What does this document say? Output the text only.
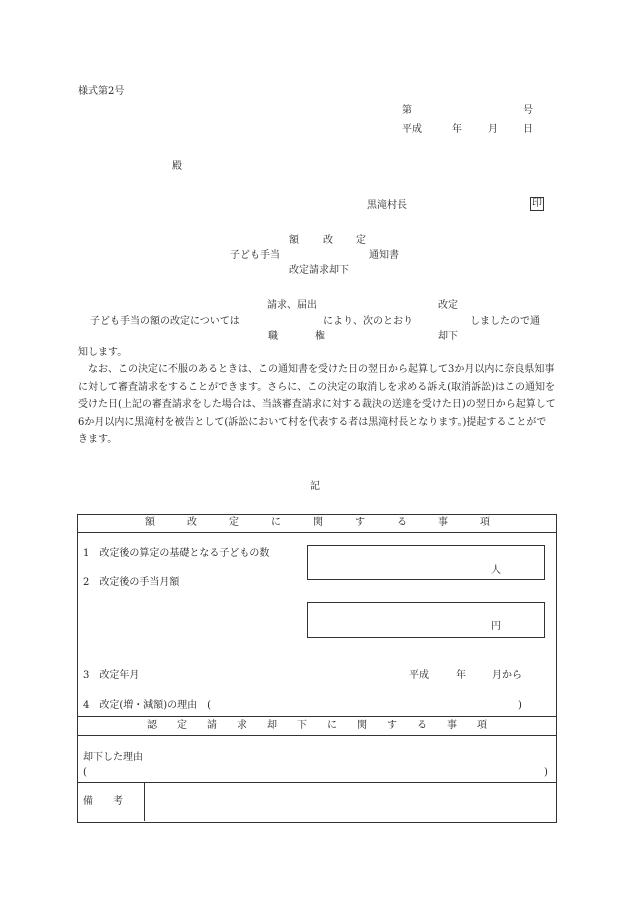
様式第2号
第	号
平成	年	月	日
殿
黒滝村長	印
額 改 定
子ども手当	通知書
改定請求却下
請求、届出	改定
子ども手当の額の改定については	により、次のとおり	しましたので通
職	権	却下
知します。

なお、この決定に不服のあるときは、この通知書を受けた日の翌日から起算して3か月以内に奈良県知事に対して審査請求をすることができます。さらに、この決定の取消しを求める訴え(取消訴訟)はこの通知を受けた日(上記の審査請求をした場合は、当該審査請求に対する裁決の送達を受けた日)の翌日から起算して6か月以内に黒滝村を被告として(訴訟において村を代表する者は黒滝村長となります。)提起することができます。

記
額	改	定	に	関	す	る	事	項
1　改定後の算定の基礎となる子どもの数
人
2　改定後の手当月額
円
3　改定年月	平成	年	月から
4　改定(増・減額)の理由　(	)
認 定 請 求 却 下 に 関 す る 事 項
却下した理由
(	)
備　　考
